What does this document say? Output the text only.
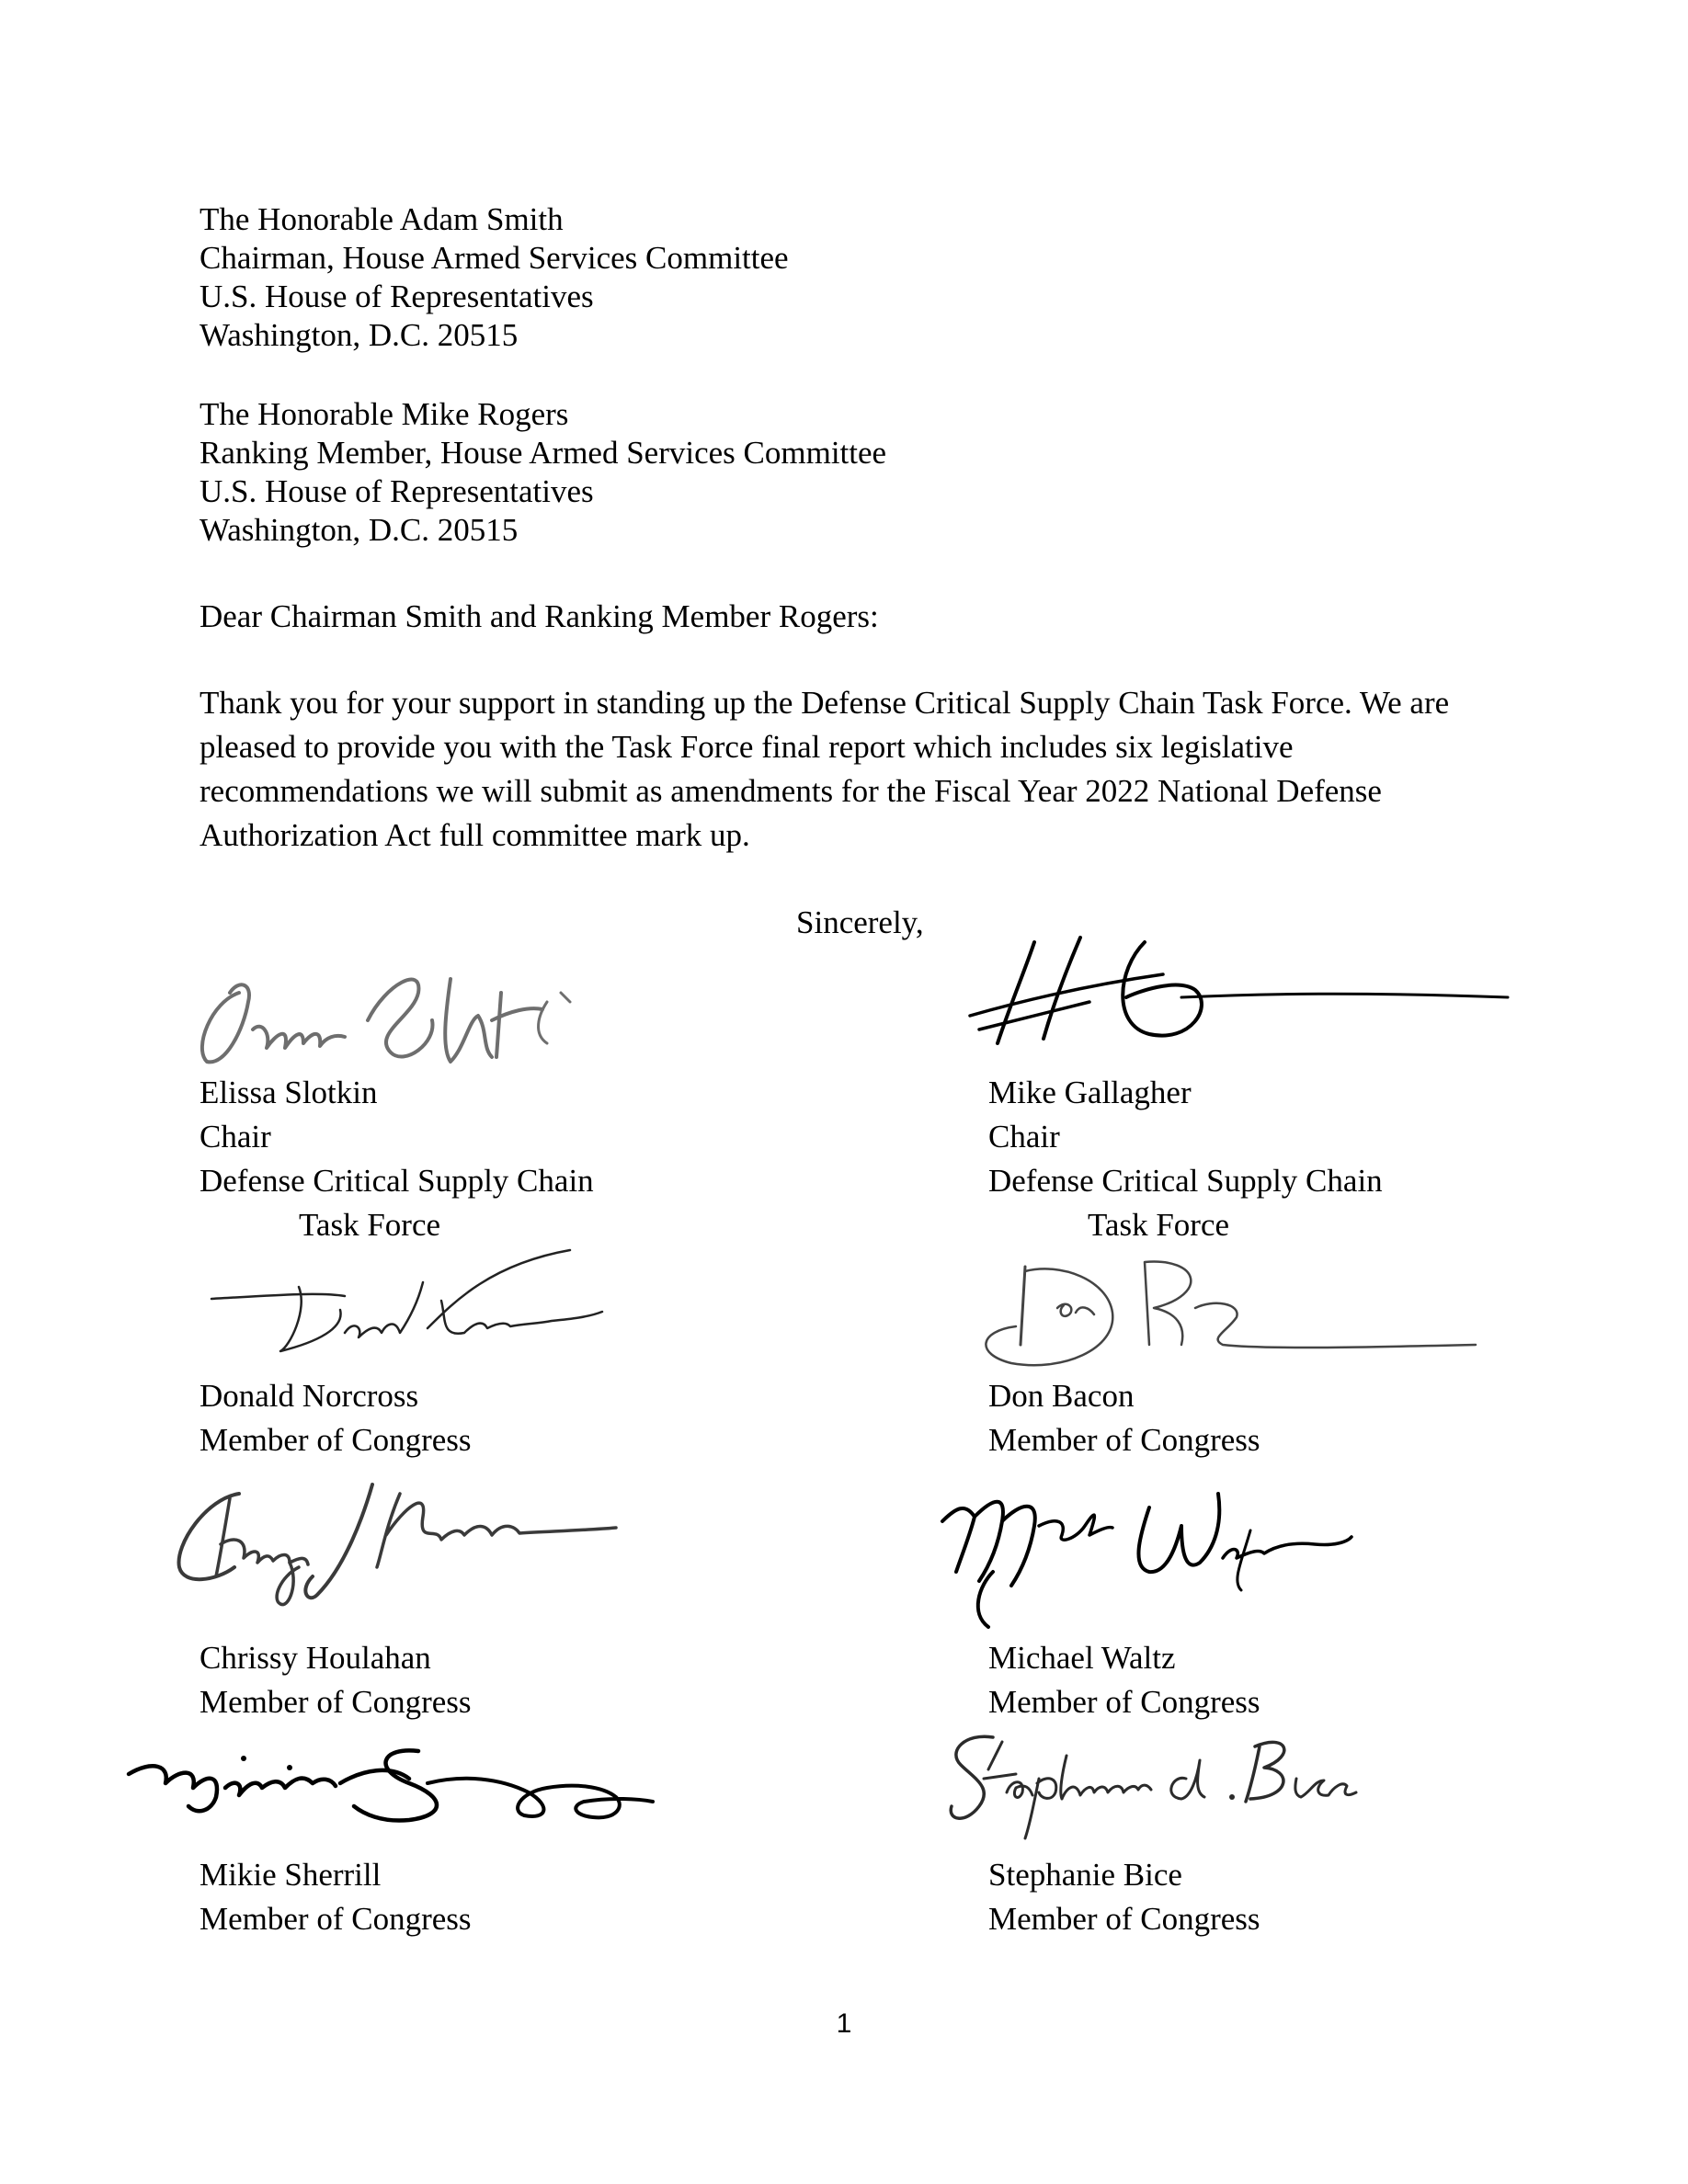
The Honorable Adam Smith
Chairman, House Armed Services Committee
U.S. House of Representatives
Washington, D.C. 20515
The Honorable Mike Rogers
Ranking Member, House Armed Services Committee
U.S. House of Representatives
Washington, D.C. 20515
Dear Chairman Smith and Ranking Member Rogers:
Thank you for your support in standing up the Defense Critical Supply Chain Task Force. We are pleased to provide you with the Task Force final report which includes six legislative recommendations we will submit as amendments for the Fiscal Year 2022 National Defense Authorization Act full committee mark up.
Sincerely,
Elissa Slotkin
Chair
Defense Critical Supply Chain
Task Force
Mike Gallagher
Chair
Defense Critical Supply Chain
Task Force
Donald Norcross
Member of Congress
Don Bacon
Member of Congress
Chrissy Houlahan
Member of Congress
Michael Waltz
Member of Congress
Mikie Sherrill
Member of Congress
Stephanie Bice
Member of Congress
1
